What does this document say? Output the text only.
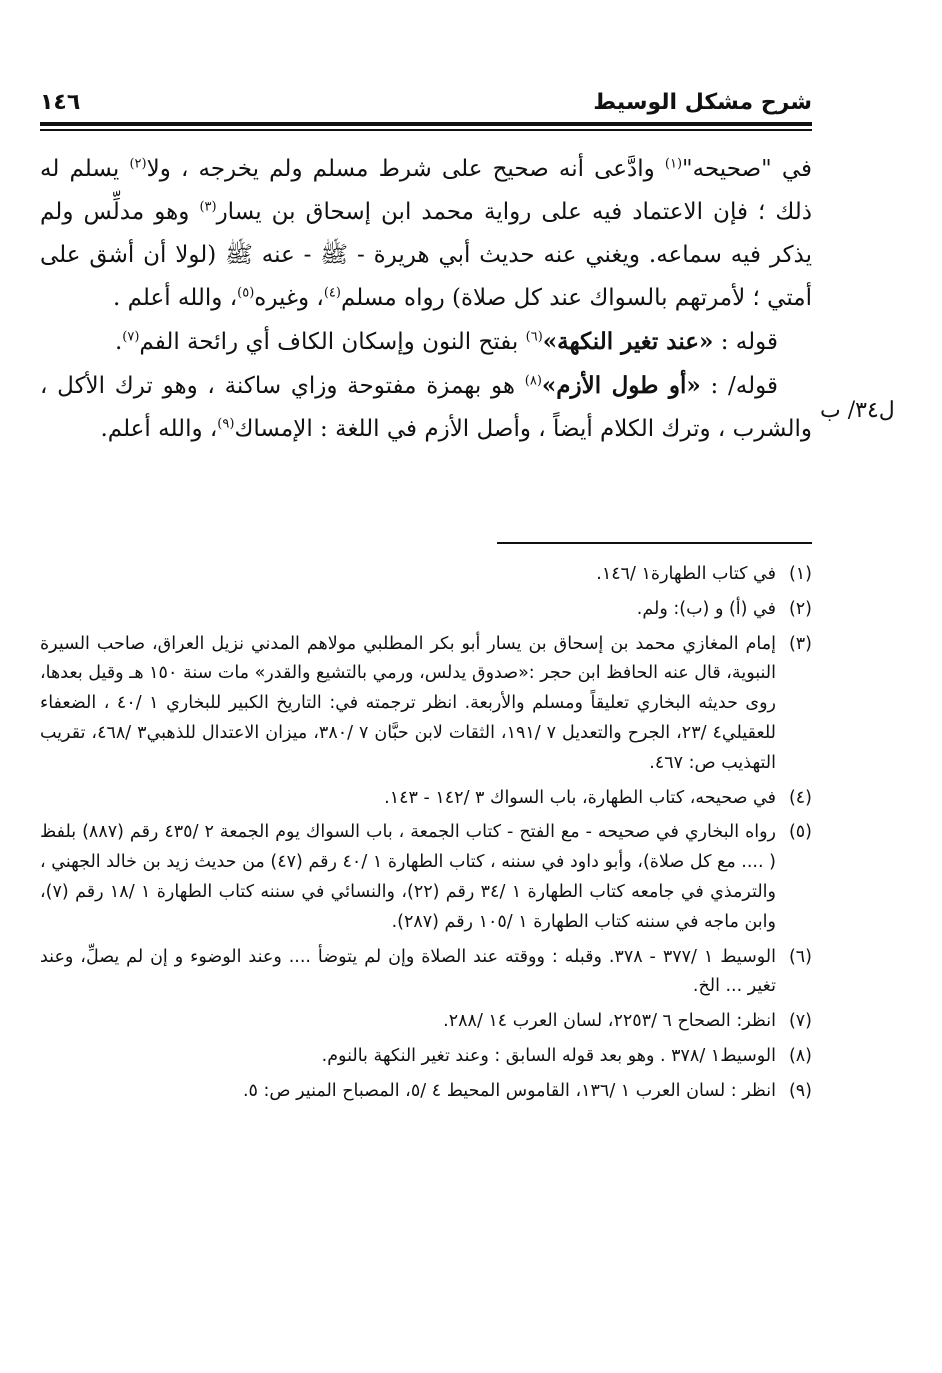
شرح مشكل الوسيط
١٤٦

في "صحيحه"$^{(١)}$ وادَّعى أنه صحيح على شرط مسلم ولم يخرجه ، ولا$^{(٢)}$ يسلم له ذلك ؛ فإن الاعتماد فيه على رواية محمد ابن إسحاق بن يسار$^{(٣)}$ وهو مدلِّس ولم يذكر فيه سماعه. ويغني عنه حديث أبي هريرة - ﷺ - عنه ﷺ (لولا أن أشق على أمتي ؛ لأمرتهم بالسواك عند كل صلاة) رواه مسلم$^{(٤)}$، وغيره$^{(٥)}$، والله أعلم .

قوله : «عند تغير النكهة»$^{(٦)}$ بفتح النون وإسكان الكاف أي رائحة الفم$^{(٧)}$.

قوله/ : «أو طول الأزم»$^{(٨)}$ هو بهمزة مفتوحة وزاي ساكنة ، وهو ترك الأكل ، والشرب ، وترك الكلام أيضاً ، وأصل الأزم في اللغة : الإمساك$^{(٩)}$، والله أعلم.

ل٣٤/ ب

(١)
في كتاب الطهارة١ /١٤٦.

(٢)
في (أ) و (ب): ولم.

(٣)
إمام المغازي محمد بن إسحاق بن يسار أبو بكر المطلبي مولاهم المدني نزيل العراق، صاحب السيرة النبوية، قال عنه الحافظ ابن حجر :«صدوق يدلس، ورمي بالتشيع والقدر» مات سنة ١٥٠ هـ وقيل بعدها، روى حديثه البخاري تعليقاً ومسلم والأربعة. انظر ترجمته في: التاريخ الكبير للبخاري ١ /٤٠ ، الضعفاء للعقيلي٤ /٢٣، الجرح والتعديل ٧ /١٩١، الثقات لابن حبَّان ٧ /٣٨٠، ميزان الاعتدال للذهبي٣ /٤٦٨، تقريب التهذيب ص: ٤٦٧.

(٤)
في صحيحه، كتاب الطهارة، باب السواك ٣ /١٤٢ - ١٤٣.

(٥)
رواه البخاري في صحيحه - مع الفتح - كتاب الجمعة ، باب السواك يوم الجمعة ٢ /٤٣٥ رقم (٨٨٧) بلفظ ( .... مع كل صلاة)، وأبو داود في سننه ، كتاب الطهارة ١ /٤٠ رقم (٤٧) من حديث زيد بن خالد الجهني ، والترمذي في جامعه كتاب الطهارة ١ /٣٤ رقم (٢٢)، والنسائي في سننه كتاب الطهارة ١ /١٨ رقم (٧)، وابن ماجه في سننه كتاب الطهارة ١ /١٠٥ رقم (٢٨٧).

(٦)
الوسيط ١ /٣٧٧ - ٣٧٨. وقبله : ووقته عند الصلاة وإن لم يتوضأ .... وعند الوضوء و إن لم يصلِّ، وعند تغير ... الخ.

(٧)
انظر: الصحاح ٦ /٢٢٥٣، لسان العرب ١٤ /٢٨٨.

(٨)
الوسيط١ /٣٧٨ . وهو بعد قوله السابق : وعند تغير النكهة بالنوم.

(٩)
انظر : لسان العرب ١ /١٣٦، القاموس المحيط ٤ /٥، المصباح المنير ص: ٥.
